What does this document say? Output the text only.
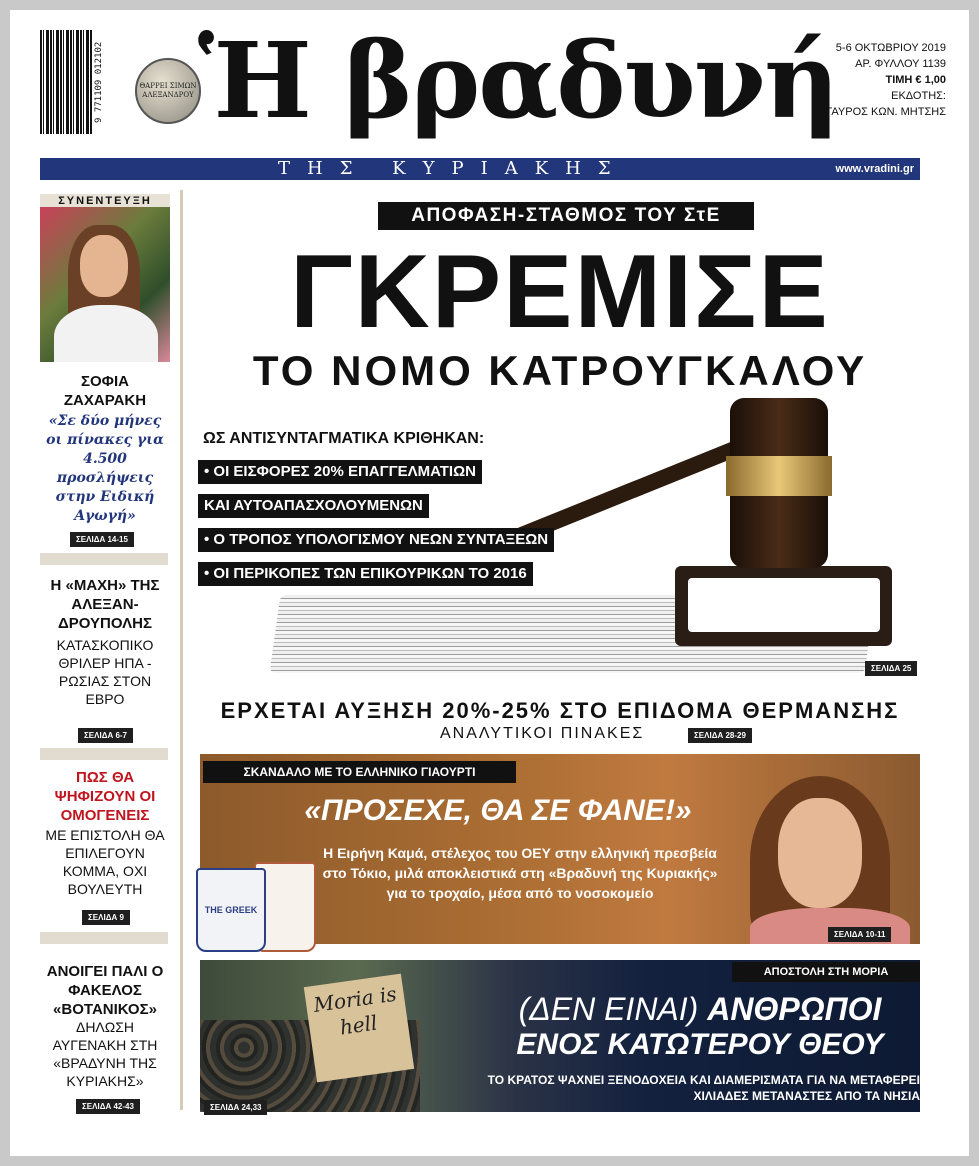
9 771109 012102	ΘΑΡΡΕΙ ΣΙΜΩΝ ΑΛΕΞΑΝΔΡΟΥ Ἡ βραδυνή
5-6 ΟΚΤΩΒΡΙΟΥ 2019
ΑΡ. ΦΥΛΛΟΥ 1139
ΤΙΜΗ € 1,00
ΕΚΔΟΤΗΣ:
ΣΤΑΥΡΟΣ ΚΩΝ. ΜΗΤΣΗΣ
ΤΗΣ ΚΥΡΙΑΚΗΣ	www.vradini.gr
ΣΥΝΕΝΤΕΥΞΗ
ΣΟΦΙΑ
ΖΑΧΑΡΑΚΗ
«Σε δύο μήνες οι πίνακες για 4.500 προσλήψεις στην Ειδική Αγωγή»
ΣΕΛΙΔΑ 14-15
Η «ΜΑΧΗ» ΤΗΣ ΑΛΕΞΑΝ-ΔΡΟΥΠΟΛΗΣ
ΚΑΤΑΣΚΟΠΙΚΟ ΘΡΙΛΕΡ ΗΠΑ - ΡΩΣΙΑΣ ΣΤΟΝ ΕΒΡΟ
ΣΕΛΙΔΑ 6-7
ΠΩΣ ΘΑ ΨΗΦΙΖΟΥΝ ΟΙ ΟΜΟΓΕΝΕΙΣ
ΜΕ ΕΠΙΣΤΟΛΗ ΘΑ ΕΠΙΛΕΓΟΥΝ ΚΟΜΜΑ, ΟΧΙ ΒΟΥΛΕΥΤΗ
ΣΕΛΙΔΑ 9
ΑΝΟΙΓΕΙ ΠΑΛΙ Ο ΦΑΚΕΛΟΣ «ΒΟΤΑΝΙΚΟΣ»
ΔΗΛΩΣΗ ΑΥΓΕΝΑΚΗ ΣΤΗ «ΒΡΑΔΥΝΗ ΤΗΣ ΚΥΡΙΑΚΗΣ»
ΣΕΛΙΔΑ 42-43
ΑΠΟΦΑΣΗ-ΣΤΑΘΜΟΣ ΤΟΥ ΣτΕ
ΓΚΡΕΜΙΣΕ
ΤΟ ΝΟΜΟ ΚΑΤΡΟΥΓΚΑΛΟΥ
ΩΣ ΑΝΤΙΣΥΝΤΑΓΜΑΤΙΚΑ ΚΡΙΘΗΚΑΝ:
• ΟΙ ΕΙΣΦΟΡΕΣ 20% ΕΠΑΓΓΕΛΜΑΤΙΩΝ
ΚΑΙ ΑΥΤΟΑΠΑΣΧΟΛΟΥΜΕΝΩΝ
• Ο ΤΡΟΠΟΣ ΥΠΟΛΟΓΙΣΜΟΥ ΝΕΩΝ ΣΥΝΤΑΞΕΩΝ
• ΟΙ ΠΕΡΙΚΟΠΕΣ ΤΩΝ ΕΠΙΚΟΥΡΙΚΩΝ ΤΟ 2016
ΣΕΛΙΔΑ 25
ΕΡΧΕΤΑΙ ΑΥΞΗΣΗ 20%-25% ΣΤΟ ΕΠΙΔΟΜΑ ΘΕΡΜΑΝΣΗΣ
ΑΝΑΛΥΤΙΚΟΙ ΠΙΝΑΚΕΣ	ΣΕΛΙΔΑ 28-29
ΣΚΑΝΔΑΛΟ ΜΕ ΤΟ ΕΛΛΗΝΙΚΟ ΓΙΑΟΥΡΤΙ
«ΠΡΟΣΕΧΕ, ΘΑ ΣΕ ΦΑΝΕ!»
Η Ειρήνη Καμά, στέλεχος του ΟΕΥ στην ελληνική πρεσβεία στο Τόκιο, μιλά αποκλειστικά στη «Βραδυνή της Κυριακής» για το τροχαίο, μέσα από το νοσοκομείο
THE GREEK
ΣΕΛΙΔΑ 10-11
Moria is hell
ΑΠΟΣΤΟΛΗ ΣΤΗ ΜΟΡΙΑ
(ΔΕΝ ΕΙΝΑΙ) ΑΝΘΡΩΠΟΙ
ΕΝΟΣ ΚΑΤΩΤΕΡΟΥ ΘΕΟΥ
ΤΟ ΚΡΑΤΟΣ ΨΑΧΝΕΙ ΞΕΝΟΔΟΧΕΙΑ ΚΑΙ ΔΙΑΜΕΡΙΣΜΑΤΑ ΓΙΑ ΝΑ ΜΕΤΑΦΕΡΕΙ ΧΙΛΙΑΔΕΣ ΜΕΤΑΝΑΣΤΕΣ ΑΠΟ ΤΑ ΝΗΣΙΑ
ΣΕΛΙΔΑ 24,33
